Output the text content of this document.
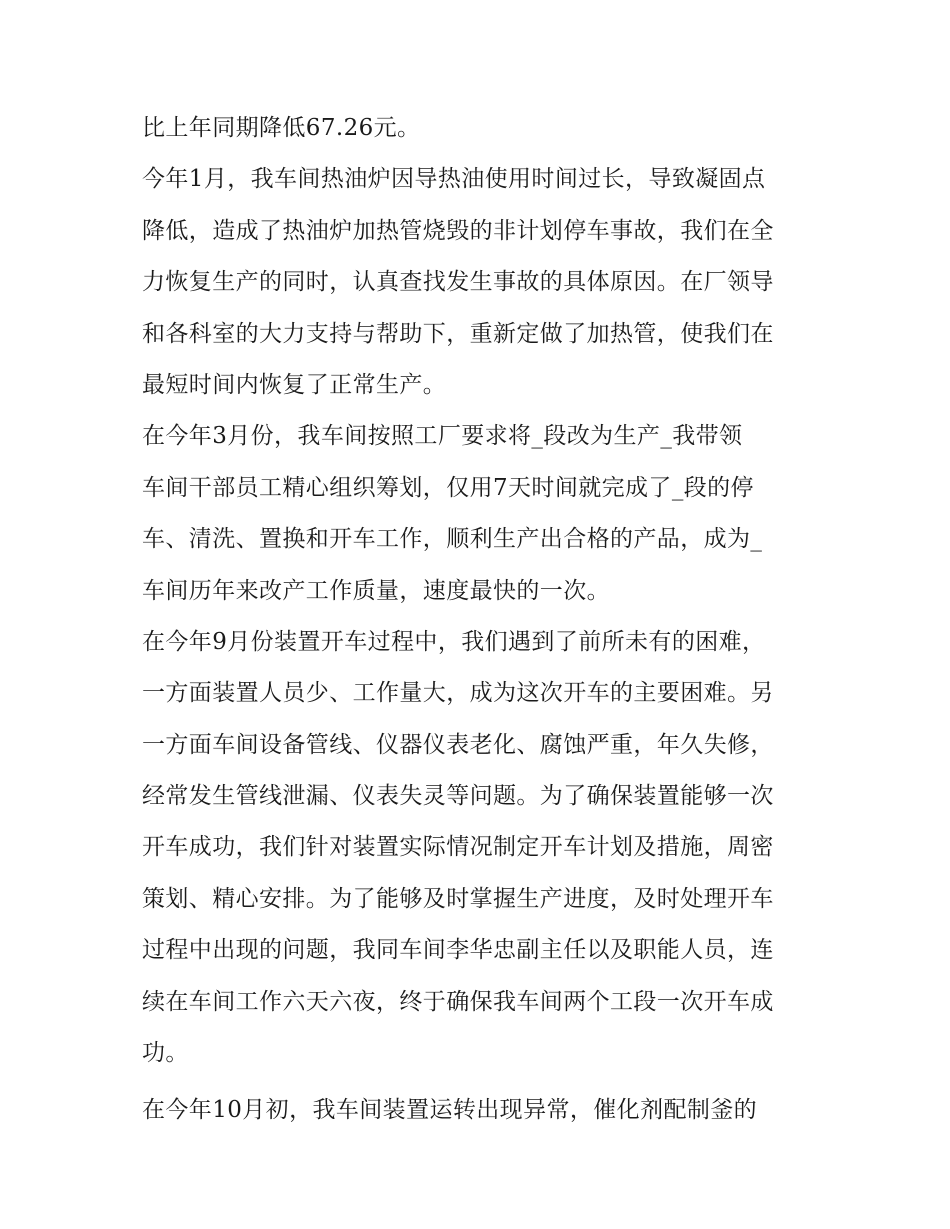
比上年同期降低67.26元。
今年1月，我车间热油炉因导热油使用时间过长，导致凝固点
降低，造成了热油炉加热管烧毁的非计划停车事故，我们在全
力恢复生产的同时，认真查找发生事故的具体原因。在厂领导
和各科室的大力支持与帮助下，重新定做了加热管，使我们在
最短时间内恢复了正常生产。
在今年3月份，我车间按照工厂要求将_段改为生产_我带领
车间干部员工精心组织筹划，仅用7天时间就完成了_段的停
车、清洗、置换和开车工作，顺利生产出合格的产品，成为_
车间历年来改产工作质量，速度最快的一次。
在今年9月份装置开车过程中，我们遇到了前所未有的困难，
一方面装置人员少、工作量大，成为这次开车的主要困难。另
一方面车间设备管线、仪器仪表老化、腐蚀严重，年久失修，
经常发生管线泄漏、仪表失灵等问题。为了确保装置能够一次
开车成功，我们针对装置实际情况制定开车计划及措施，周密
策划、精心安排。为了能够及时掌握生产进度，及时处理开车
过程中出现的问题，我同车间李华忠副主任以及职能人员，连
续在车间工作六天六夜，终于确保我车间两个工段一次开车成
功。
在今年10月初，我车间装置运转出现异常，催化剂配制釜的
